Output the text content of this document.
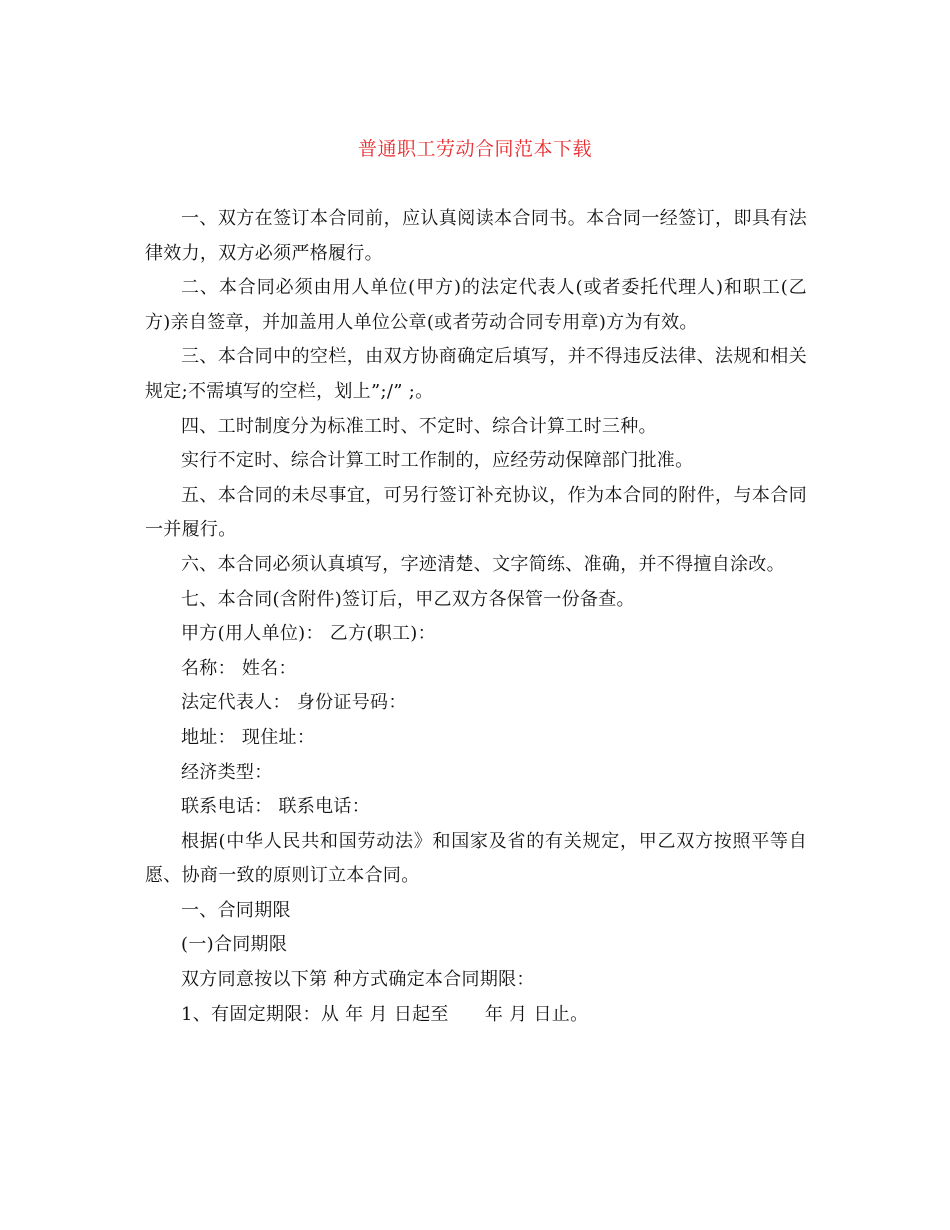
普通职工劳动合同范本下载

一、双方在签订本合同前，应认真阅读本合同书。本合同一经签订，即具有法律效力，双方必须严格履行。

二、本合同必须由用人单位(甲方)的法定代表人(或者委托代理人)和职工(乙方)亲自签章，并加盖用人单位公章(或者劳动合同专用章)方为有效。

三、本合同中的空栏，由双方协商确定后填写，并不得违反法律、法规和相关规定;不需填写的空栏，划上”;/” ;。

四、工时制度分为标准工时、不定时、综合计算工时三种。

实行不定时、综合计算工时工作制的，应经劳动保障部门批准。

五、本合同的未尽事宜，可另行签订补充协议，作为本合同的附件，与本合同一并履行。

六、本合同必须认真填写，字迹清楚、文字简练、准确，并不得擅自涂改。

七、本合同(含附件)签订后，甲乙双方各保管一份备查。

甲方(用人单位)： 乙方(职工)：

名称： 姓名：

法定代表人： 身份证号码：

地址： 现住址：

经济类型：

联系电话： 联系电话：

根据(中华人民共和国劳动法》和国家及省的有关规定，甲乙双方按照平等自愿、协商一致的原则订立本合同。

一、合同期限

(一)合同期限

双方同意按以下第 种方式确定本合同期限：

1、有固定期限：从 年 月 日起至      年 月 日止。
